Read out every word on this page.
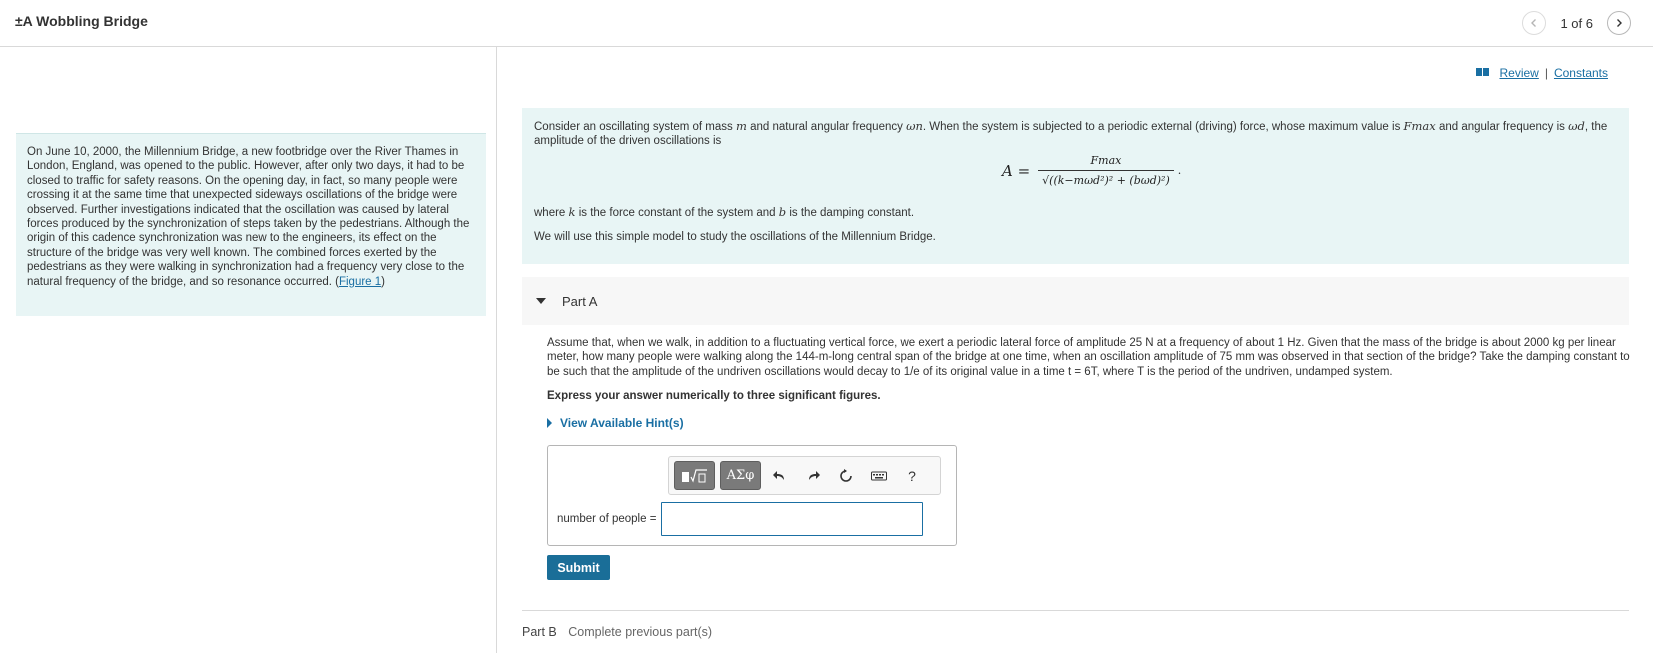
±A Wobbling Bridge	1 of 6
On June 10, 2000, the Millennium Bridge, a new footbridge over the River Thames in London, England, was opened to the public. However, after only two days, it had to be closed to traffic for safety reasons. On the opening day, in fact, so many people were crossing it at the same time that unexpected sideways oscillations of the bridge were observed. Further investigations indicated that the oscillation was caused by lateral forces produced by the synchronization of steps taken by the pedestrians. Although the origin of this cadence synchronization was new to the engineers, its effect on the structure of the bridge was very well known. The combined forces exerted by the pedestrians as they were walking in synchronization had a frequency very close to the natural frequency of the bridge, and so resonance occurred. (Figure 1)
Review | Constants
Consider an oscillating system of mass m and natural angular frequency ωn. When the system is subjected to a periodic external (driving) force, whose maximum value is Fmax and angular frequency is ωd, the amplitude of the driven oscillations is
$A = \frac{Fmax}{\text{√((k−mωd²)² + (bωd)²)}}$ .
where k is the force constant of the system and b is the damping constant.
We will use this simple model to study the oscillations of the Millennium Bridge.
Part A
Assume that, when we walk, in addition to a fluctuating vertical force, we exert a periodic lateral force of amplitude 25 N at a frequency of about 1 Hz. Given that the mass of the bridge is about 2000 kg per linear meter, how many people were walking along the 144-m-long central span of the bridge at one time, when an oscillation amplitude of 75 mm was observed in that section of the bridge? Take the damping constant to be such that the amplitude of the undriven oscillations would decay to 1/e of its original value in a time t = 6T, where T is the period of the undriven, undamped system.
Express your answer numerically to three significant figures.
View Available Hint(s)
ΑΣφ	?
number of people =
Submit
Part B Complete previous part(s)
